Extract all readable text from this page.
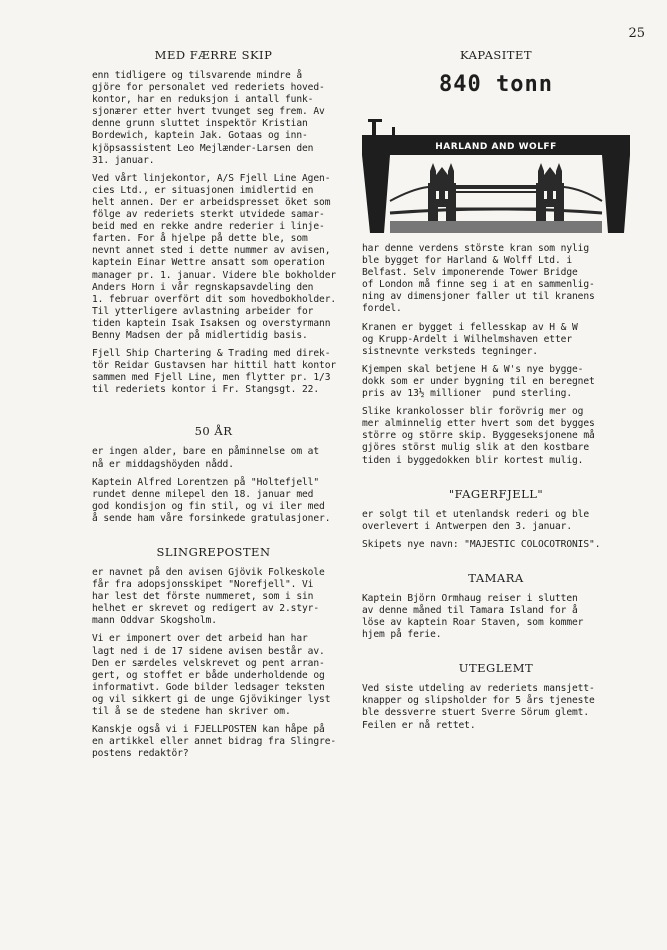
25
MED FÆRRE SKIP

enn tidligere og tilsvarende mindre å
gjöre for personalet ved rederiets hoved-
kontor, har en reduksjon i antall funk-
sjonærer etter hvert tvunget seg frem. Av
denne grunn sluttet inspektör Kristian
Bordewich, kaptein Jak. Gotaas og inn-
kjöpsassistent Leo Mejlænder-Larsen den
31. januar.

Ved vårt linjekontor, A/S Fjell Line Agen-
cies Ltd., er situasjonen imidlertid en
helt annen. Der er arbeidspresset öket som
fölge av rederiets sterkt utvidede samar-
beid med en rekke andre rederier i linje-
farten. For å hjelpe på dette ble, som
nevnt annet sted i dette nummer av avisen,
kaptein Einar Wettre ansatt som operation
manager pr. 1. januar. Videre ble bokholder
Anders Horn i vår regnskapsavdeling den
1. februar overfört dit som hovedbokholder.
Til ytterligere avlastning arbeider for
tiden kaptein Isak Isaksen og overstyrmann
Benny Madsen der på midlertidig basis.

Fjell Ship Chartering & Trading med direk-
tör Reidar Gustavsen har hittil hatt kontor
sammen med Fjell Line, men flytter pr. 1/3
til rederiets kontor i Fr. Stangsgt. 22.

50 ÅR

er ingen alder, bare en påminnelse om at
nå er middagshöyden nådd.

Kaptein Alfred Lorentzen på "Holtefjell"
rundet denne milepel den 18. januar med
god kondisjon og fin stil, og vi iler med
å sende ham våre forsinkede gratulasjoner.

SLINGREPOSTEN

er navnet på den avisen Gjövik Folkeskole
får fra adopsjonsskipet "Norefjell". Vi
har lest det förste nummeret, som i sin
helhet er skrevet og redigert av 2.styr-
mann Oddvar Skogsholm.

Vi er imponert over det arbeid han har
lagt ned i de 17 sidene avisen består av.
Den er særdeles velskrevet og pent arran-
gert, og stoffet er både underholdende og
informativt. Gode bilder ledsager teksten
og vil sikkert gi de unge Gjövikinger lyst
til å se de stedene han skriver om.

Kanskje også vi i FJELLPOSTEN kan håpe på
en artikkel eller annet bidrag fra Slingre-
postens redaktör?

KAPASITET
840 tonn
HARLAND AND WOLFF

har denne verdens störste kran som nylig
ble bygget for Harland & Wolff Ltd. i
Belfast. Selv imponerende Tower Bridge
of London må finne seg i at en sammenlig-
ning av dimensjoner faller ut til kranens
fordel.

Kranen er bygget i fellesskap av H & W
og Krupp-Ardelt i Wilhelmshaven etter
sistnevnte verksteds tegninger.

Kjempen skal betjene H & W's nye bygge-
dokk som er under bygning til en beregnet
pris av 13½ millioner  pund sterling.

Slike krankolosser blir forövrig mer og
mer alminnelig etter hvert som det bygges
större og större skip. Byggeseksjonene må
gjöres störst mulig slik at den kostbare
tiden i byggedokken blir kortest mulig.

"FAGERFJELL"

er solgt til et utenlandsk rederi og ble
overlevert i Antwerpen den 3. januar.

Skipets nye navn: "MAJESTIC COLOCOTRONIS".

TAMARA

Kaptein Björn Ormhaug reiser i slutten
av denne måned til Tamara Island for å
löse av kaptein Roar Staven, som kommer
hjem på ferie.

UTEGLEMT

Ved siste utdeling av rederiets mansjett-
knapper og slipsholder for 5 års tjeneste
ble dessverre stuert Sverre Sörum glemt.
Feilen er nå rettet.
